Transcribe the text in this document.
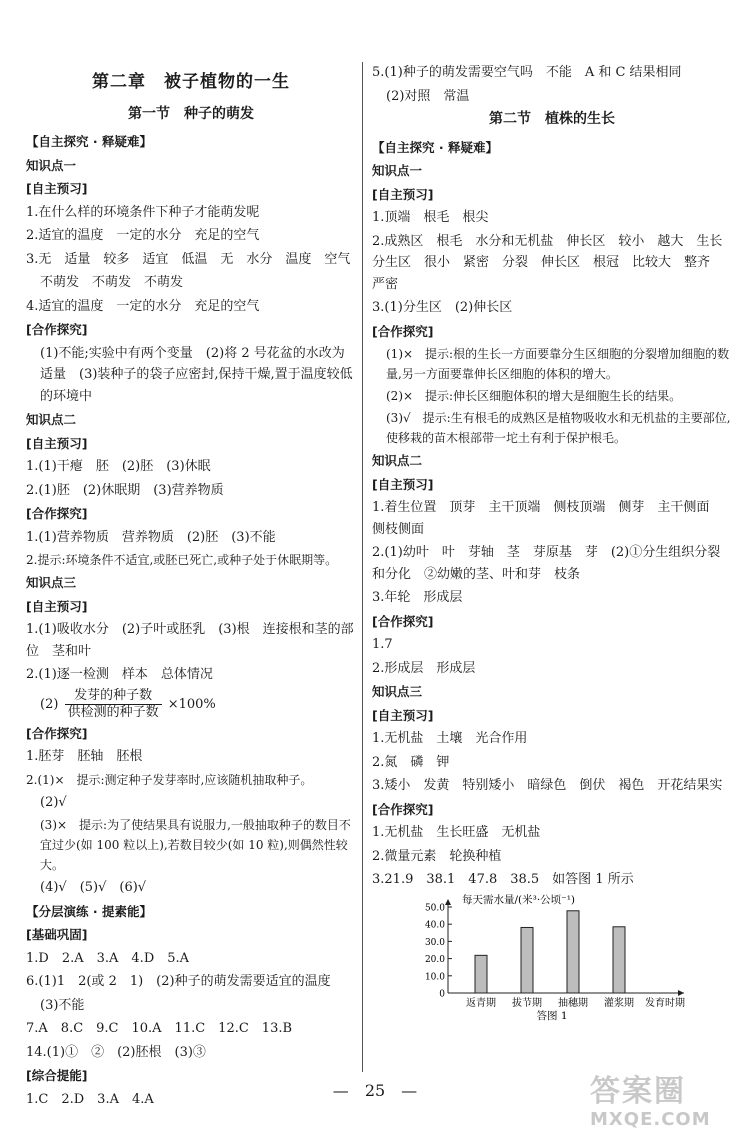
第二章　被子植物的一生
第一节　种子的萌发
【自主探究 · 释疑难】
知识点一
[自主预习]
1.在什么样的环境条件下种子才能萌发呢
2.适宜的温度　一定的水分　充足的空气
3.无　适量　较多　适宜　低温　无　水分　温度　空气
不萌发　不萌发　不萌发
4.适宜的温度　一定的水分　充足的空气
[合作探究]
(1)不能;实验中有两个变量　(2)将 2 号花盆的水改为适量　(3)装种子的袋子应密封,保持干燥,置于温度较低的环境中
知识点二
[自主预习]
1.(1)干瘪　胚　(2)胚　(3)休眠
2.(1)胚　(2)休眠期　(3)营养物质
[合作探究]
1.(1)营养物质　营养物质　(2)胚　(3)不能
2.提示:环境条件不适宜,或胚已死亡,或种子处于休眠期等。
知识点三
[自主预习]
1.(1)吸收水分　(2)子叶或胚乳　(3)根　连接根和茎的部位　茎和叶
2.(1)逐一检测　样本　总体情况
$(2) \frac{\text{发芽的种子数}}{\text{供检测的种子数}} \times 100\%$
[合作探究]
1.胚芽　胚轴　胚根
2.(1)×　提示:测定种子发芽率时,应该随机抽取种子。
(2)√
(3)×　提示:为了使结果具有说服力,一般抽取种子的数目不宜过少(如 100 粒以上),若数目较少(如 10 粒),则偶然性较大。
(4)√　(5)√　(6)√
【分层演练 · 提素能】
[基础巩固]
1.D　2.A　3.A　4.D　5.A
6.(1)1　2(或 2　1)　(2)种子的萌发需要适宜的温度
(3)不能
7.A　8.C　9.C　10.A　11.C　12.C　13.B
14.(1)①　②　(2)胚根　(3)③
[综合提能]
1.C　2.D　3.A　4.A
5.(1)种子的萌发需要空气吗　不能　A 和 C 结果相同
(2)对照　常温
第二节　植株的生长
【自主探究 · 释疑难】
知识点一
[自主预习]
1.顶端　根毛　根尖
2.成熟区　根毛　水分和无机盐　伸长区　较小　越大　生长　分生区　很小　紧密　分裂　伸长区　根冠　比较大　整齐　严密
3.(1)分生区　(2)伸长区
[合作探究]
(1)×　提示:根的生长一方面要靠分生区细胞的分裂增加细胞的数量,另一方面要靠伸长区细胞的体积的增大。
(2)×　提示:伸长区细胞体积的增大是细胞生长的结果。
(3)√　提示:生有根毛的成熟区是植物吸收水和无机盐的主要部位,使移栽的苗木根部带一坨土有利于保护根毛。
知识点二
[自主预习]
1.着生位置　顶芽　主干顶端　侧枝顶端　侧芽　主干侧面　侧枝侧面
2.(1)幼叶　叶　芽轴　茎　芽原基　芽　(2)①分生组织分裂和分化　②幼嫩的茎、叶和芽　枝条
3.年轮　形成层
[合作探究]
1.7
2.形成层　形成层
知识点三
[自主预习]
1.无机盐　土壤　光合作用
2.氮　磷　钾
3.矮小　发黄　特别矮小　暗绿色　倒伏　褐色　开花结果实
[合作探究]
1.无机盐　生长旺盛　无机盐
2.微量元素　轮换种植
3.21.9　38.1　47.8　38.5　如答图 1 所示
每天需水量/(米³·公顷⁻¹)
10.0
20.0
30.0
40.0
50.0
0
返青期 拔节期 抽穗期 灌浆期 发育时期
答图 1
—　25　—	答案圈
MXQE.COM
